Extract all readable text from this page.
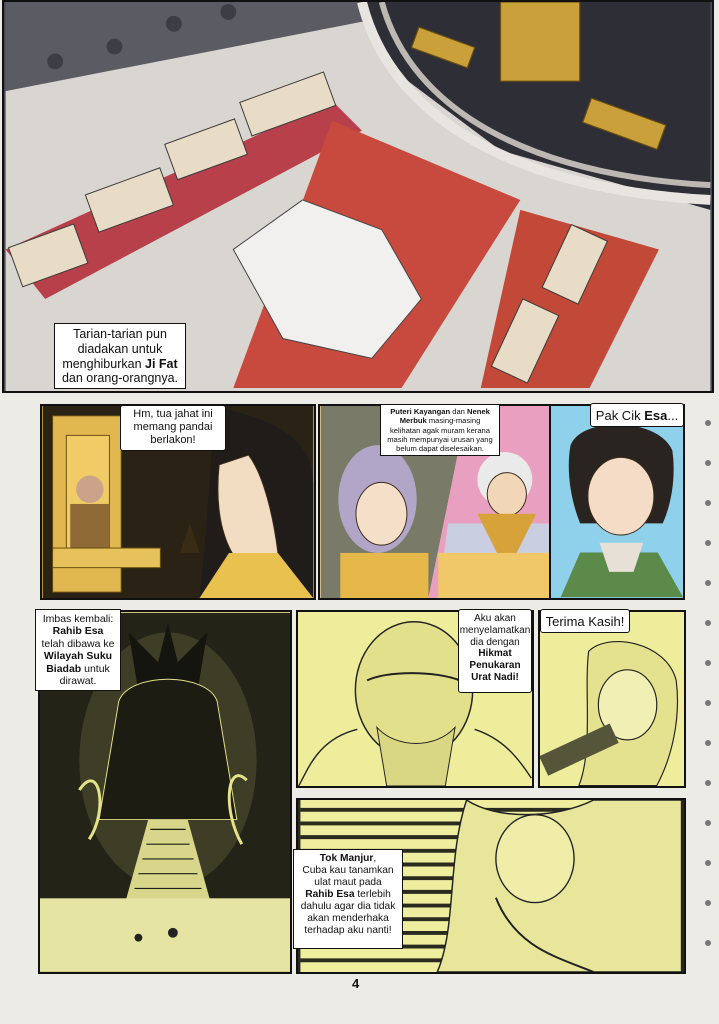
Tarian-tarian pun
diadakan untuk
menghiburkan Ji Fat
dan orang-orangnya.
Hm, tua jahat ini
memang pandai
berlakon!
Puteri Kayangan dan Nenek
Merbuk masing-masing
kelihatan agak muram kerana
masih mempunyai urusan yang
belum dapat diselesaikan.
Pak Cik Esa...
Imbas kembali:
Rahib Esa
telah dibawa ke
Wilayah Suku
Biadab untuk
dirawat.
Aku akan
menyelamatkan
dia dengan
Hikmat
Penukaran
Urat Nadi!
Terima Kasih!
Tok Manjur,
Cuba kau tanamkan
ulat maut pada
Rahib Esa terlebih
dahulu agar dia tidak
akan menderhaka
terhadap aku nanti!
4
